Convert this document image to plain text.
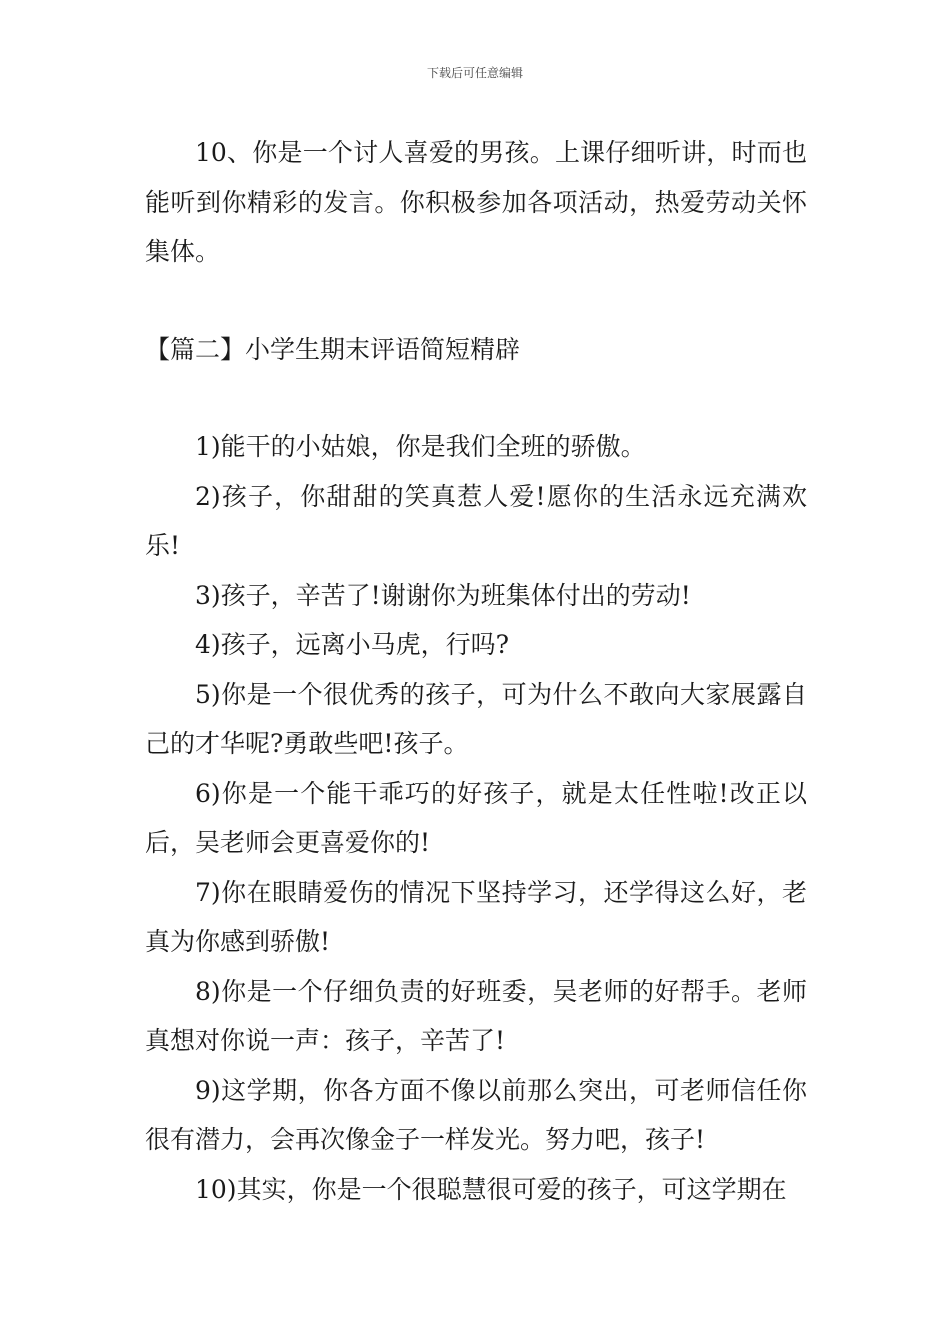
下载后可任意编辑

10、你是一个讨人喜爱的男孩。上课仔细听讲，时而也能听到你精彩的发言。你积极参加各项活动，热爱劳动关怀集体。

【篇二】小学生期末评语简短精辟

1)能干的小姑娘，你是我们全班的骄傲。

2)孩子，你甜甜的笑真惹人爱!愿你的生活永远充满欢乐!

3)孩子，辛苦了!谢谢你为班集体付出的劳动!

4)孩子，远离小马虎，行吗?

5)你是一个很优秀的孩子，可为什么不敢向大家展露自己的才华呢?勇敢些吧!孩子。

6)你是一个能干乖巧的好孩子，就是太任性啦!改正以后，吴老师会更喜爱你的!

7)你在眼睛爱伤的情况下坚持学习，还学得这么好，老真为你感到骄傲!

8)你是一个仔细负责的好班委，吴老师的好帮手。老师真想对你说一声：孩子，辛苦了!

9)这学期，你各方面不像以前那么突出，可老师信任你很有潜力，会再次像金子一样发光。努力吧，孩子!

10)其实，你是一个很聪慧很可爱的孩子，可这学期在
